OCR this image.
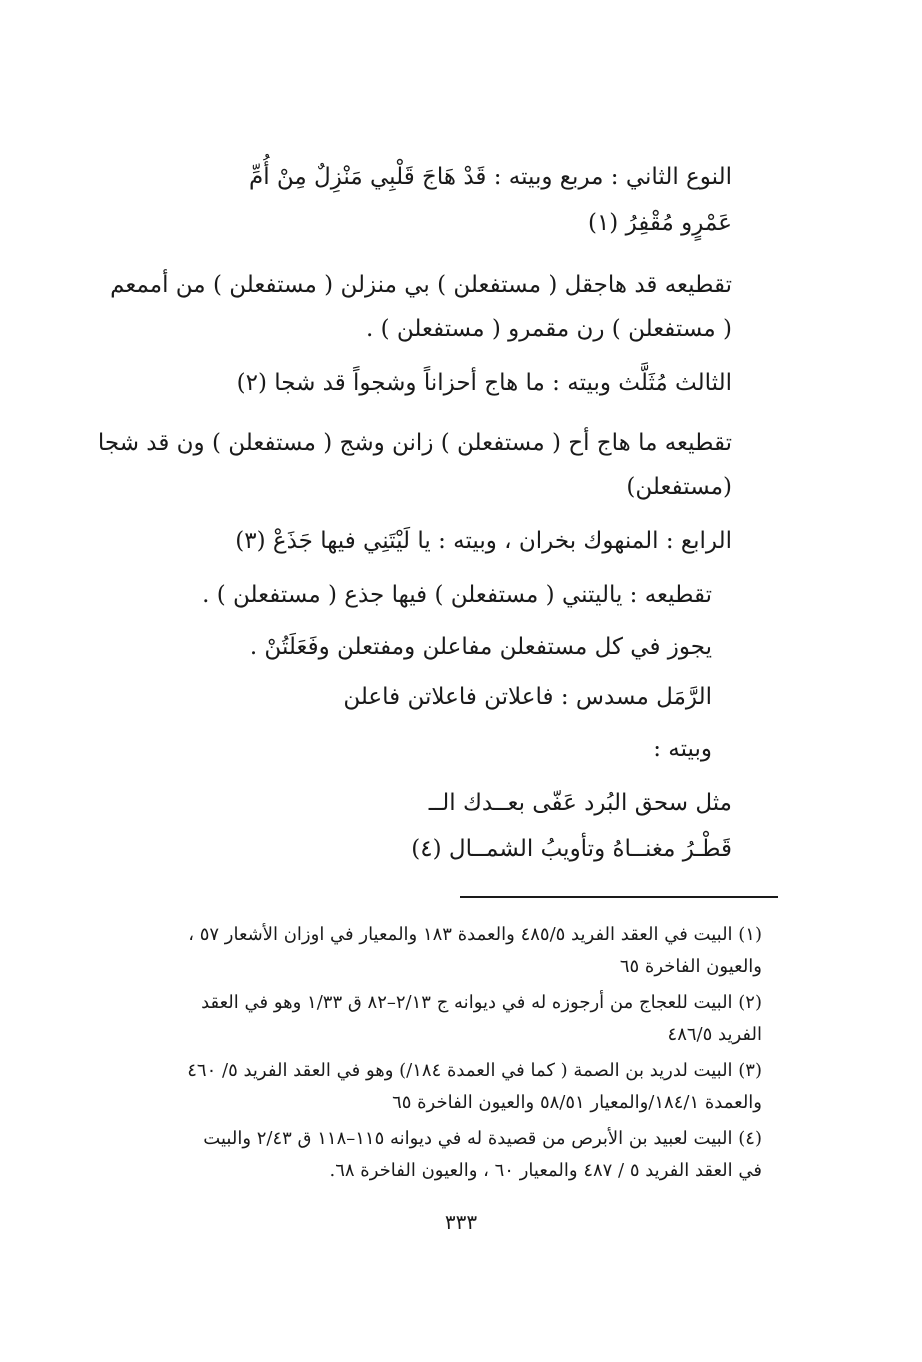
النوع الثاني : مربع وبيته : قَدْ هَاجَ قَلْبِي مَنْزِلٌ مِنْ أُمِّ
عَمْرٍو مُقْفِرُ (١)
تقطيعه قد هاجقل ( مستفعلن ) بي منزلن ( مستفعلن ) من أممعم
( مستفعلن ) رن مقمرو ( مستفعلن ) .
الثالث مُثَلَّث وبيته : ما هاج أحزاناً وشجواً قد شجا (٢)
تقطيعه ما هاج أح ( مستفعلن ) زانن وشج ( مستفعلن ) ون قد شجا
(مستفعلن)
الرابع : المنهوك بخران ، وبيته : يا لَيْتَنِي فيها جَذَعْ (٣)
تقطيعه : ياليتني ( مستفعلن ) فيها جذع ( مستفعلن ) .
يجوز في كل مستفعلن مفاعلن ومفتعلن وفَعَلَتُنْ .
الرَّمَل مسدس : فاعلاتن فاعلاتن فاعلن
وبيته :
مثل سحق البُرد عَفّى بعــدك الــ
قَطْـرُ مغنــاهُ وتأويبُ الشمــال (٤)
(١) البيت في العقد الفريد ٤٨٥/٥ والعمدة ١٨٣ والمعيار في اوزان الأشعار ٥٧ ،
والعيون الفاخرة ٦٥
(٢) البيت للعجاج من أرجوزه له في ديوانه ج ٢/١٣–٨٢ ق ١/٣٣ وهو في العقد
الفريد ٤٨٦/٥
(٣) البيت لدريد بن الصمة ( كما في العمدة ١٨٤/) وهو في العقد الفريد ٥/ ٤٦٠
والعمدة ١٨٤/١/والمعيار ٥٨/٥١ والعيون الفاخرة ٦٥
(٤) البيت لعبيد بن الأبرص من قصيدة له في ديوانه ١١٥–١١٨ ق ٢/٤٣ والبيت
في العقد الفريد ٥ / ٤٨٧ والمعيار ٦٠ ، والعيون الفاخرة ٦٨.
٣٣٣
